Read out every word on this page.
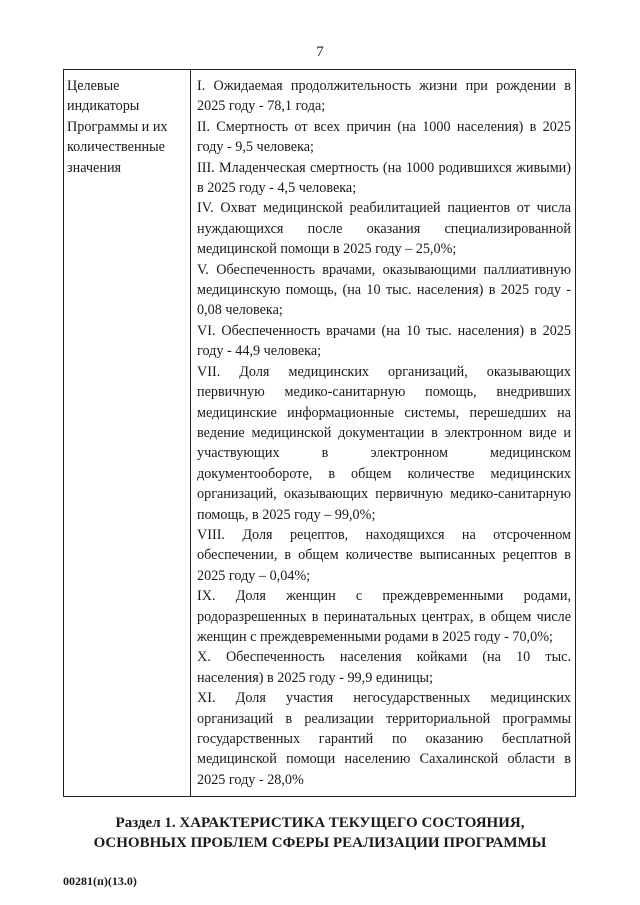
7
Целевые индикаторы Программы и их количественные значения

I. Ожидаемая продолжительность жизни при рождении в 2025 году - 78,1 года;

II. Смертность от всех причин (на 1000 населения) в 2025 году - 9,5 человека;

III. Младенческая смертность (на 1000 родившихся живыми) в 2025 году - 4,5 человека;

IV. Охват медицинской реабилитацией пациентов от числа нуждающихся после оказания специализированной медицинской помощи в 2025 году – 25,0%;

V. Обеспеченность врачами, оказывающими паллиативную медицинскую помощь, (на 10 тыс. населения) в 2025 году - 0,08 человека;

VI. Обеспеченность врачами (на 10 тыс. населения) в 2025 году - 44,9 человека;

VII. Доля медицинских организаций, оказывающих первичную медико-санитарную помощь, внедривших медицинские информационные системы, перешедших на ведение медицинской документации в электронном виде и участвующих в электронном медицинском документообороте, в общем количестве медицинских организаций, оказывающих первичную медико-санитарную помощь, в 2025 году – 99,0%;

VIII. Доля рецептов, находящихся на отсроченном обеспечении, в общем количестве выписанных рецептов в 2025 году – 0,04%;

IX. Доля женщин с преждевременными родами, родоразрешенных в перинатальных центрах, в общем числе женщин с преждевременными родами в 2025 году - 70,0%;

X. Обеспеченность населения койками (на 10 тыс. населения) в 2025 году - 99,9 единицы;

XI. Доля участия негосударственных медицинских организаций в реализации территориальной программы государственных гарантий по оказанию бесплатной медицинской помощи населению Сахалинской области в 2025 году - 28,0%

Раздел 1. ХАРАКТЕРИСТИКА ТЕКУЩЕГО СОСТОЯНИЯ,
ОСНОВНЫХ ПРОБЛЕМ СФЕРЫ РЕАЛИЗАЦИИ ПРОГРАММЫ
00281(п)(13.0)
